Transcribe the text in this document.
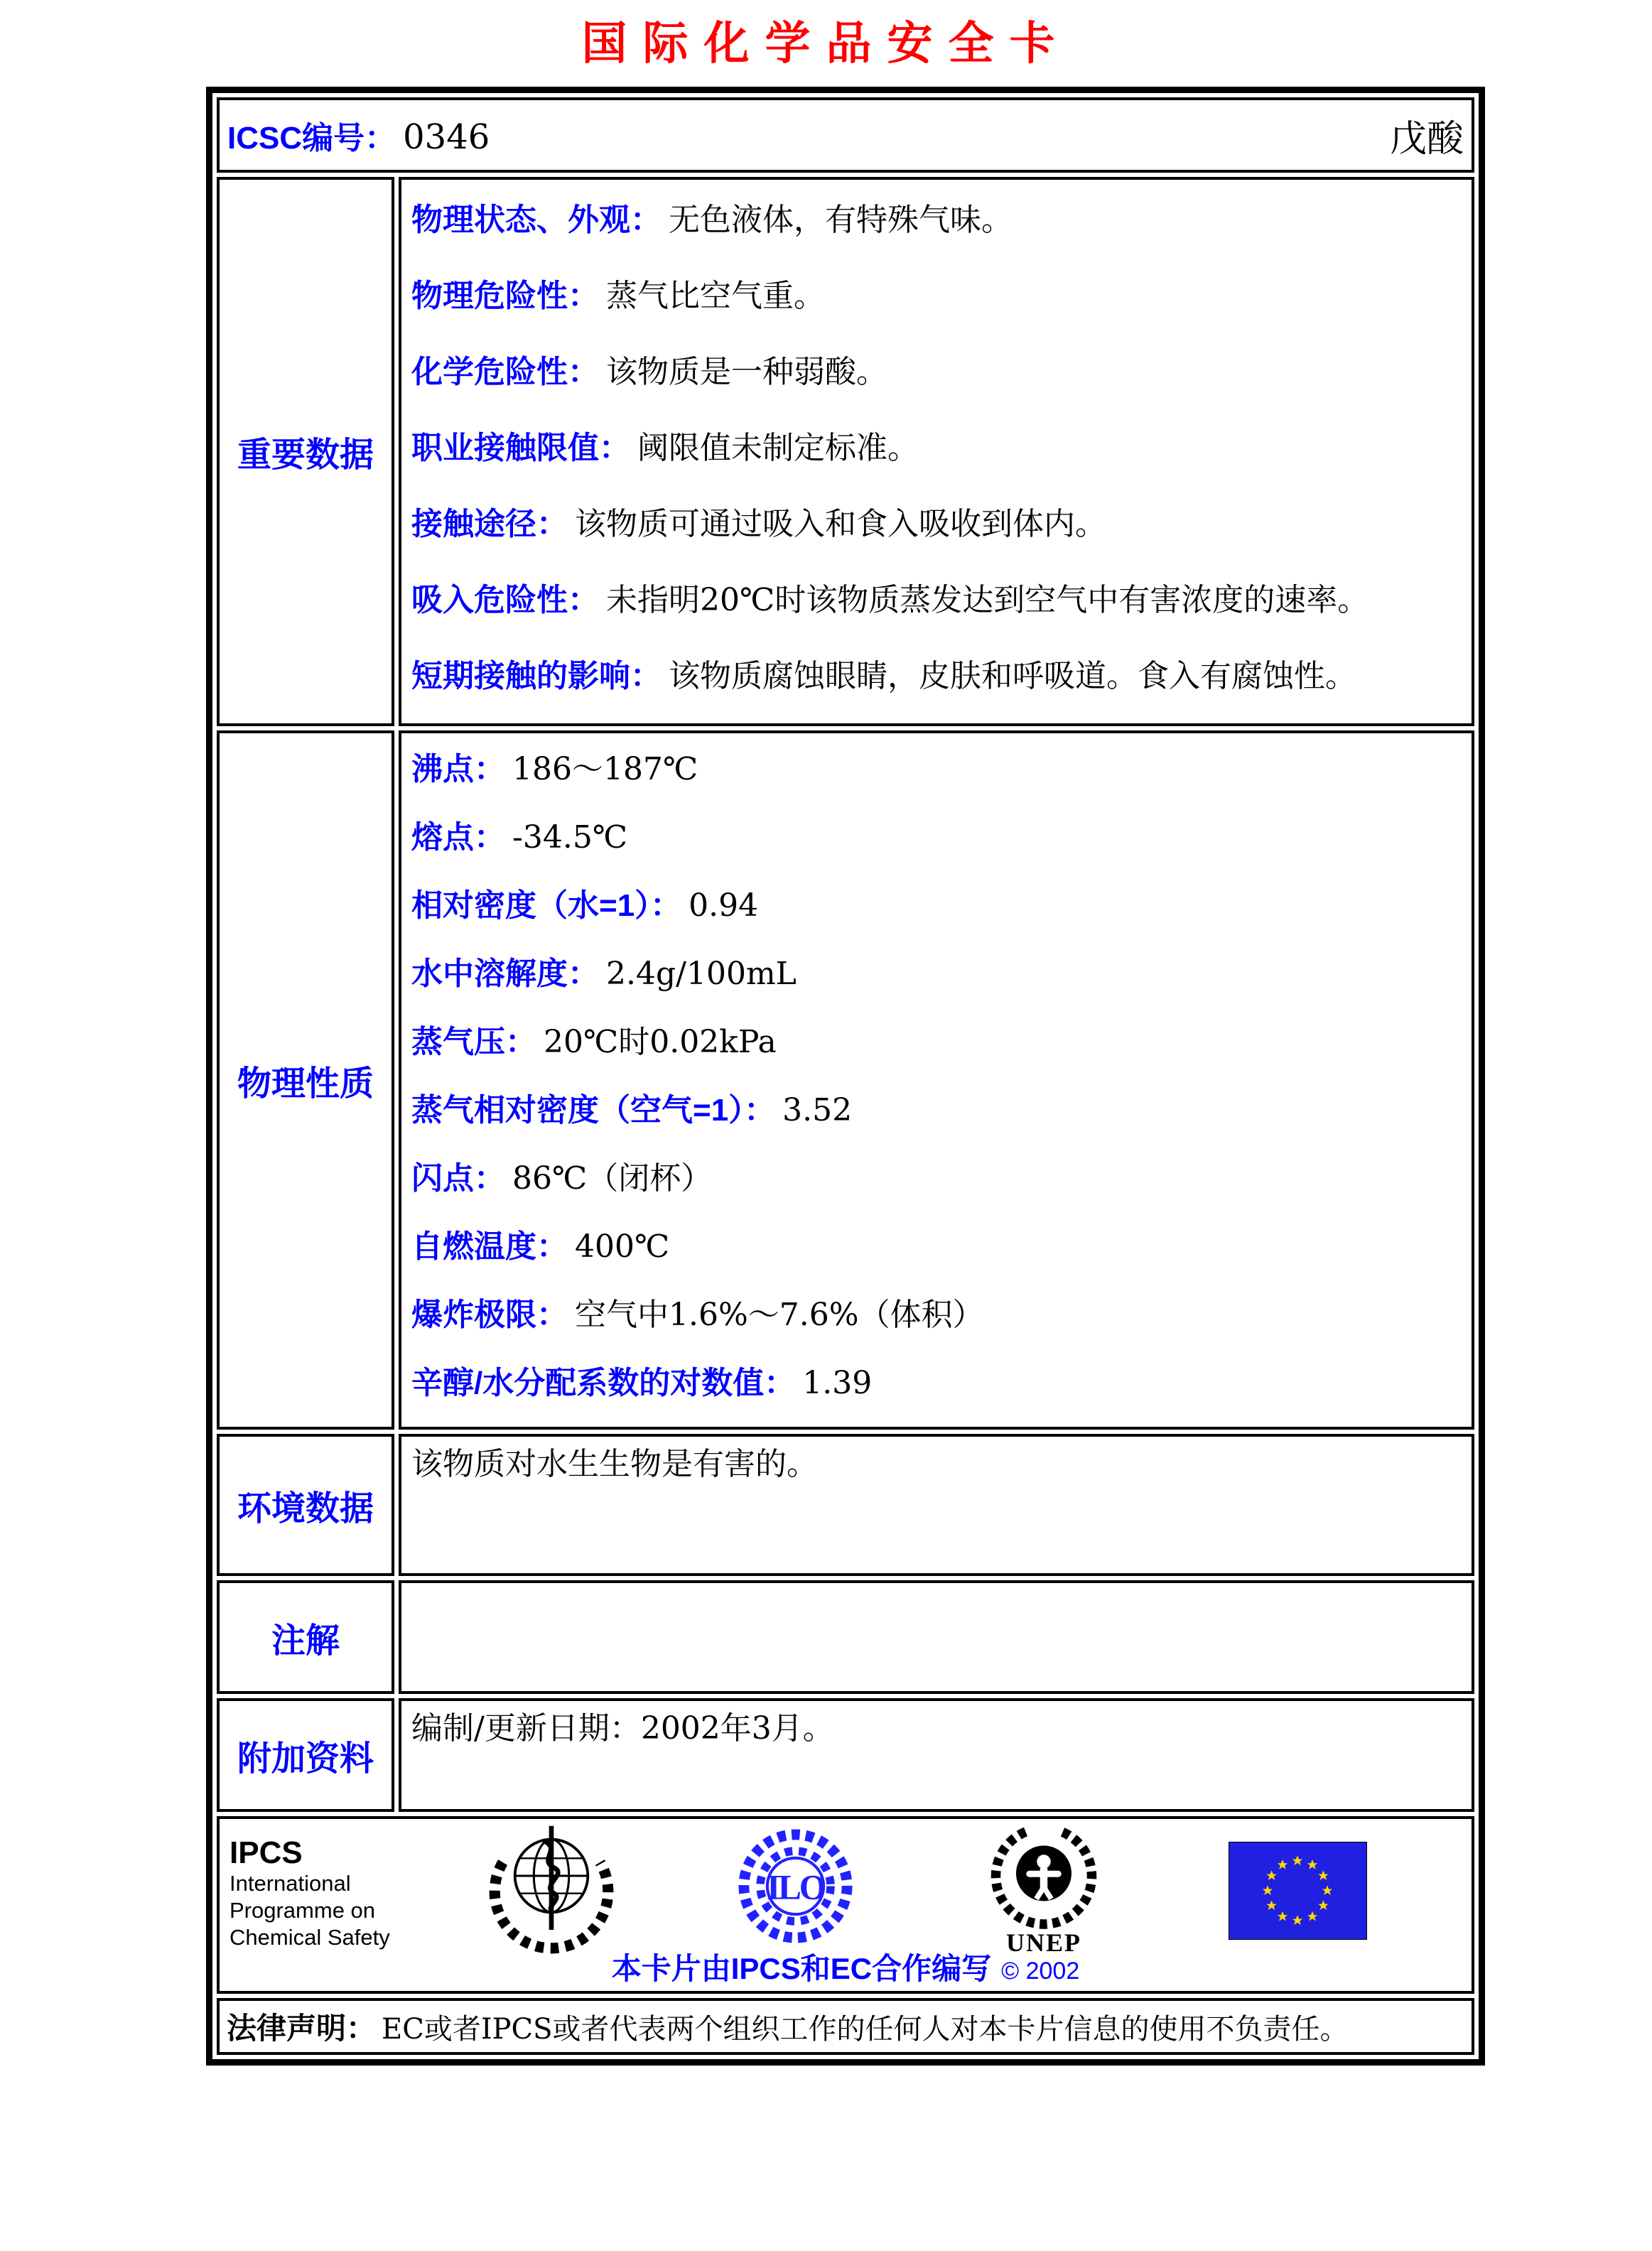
国际化学品安全卡
ICSC编号： 0346 戊酸	

重要数据	
物理状态、外观： 无色液体，有特殊气味。
物理危险性： 蒸气比空气重。
化学危险性： 该物质是一种弱酸。
职业接触限值： 阈限值未制定标准。
接触途径： 该物质可通过吸入和食入吸收到体内。
吸入危险性： 未指明20℃时该物质蒸发达到空气中有害浓度的速率。
短期接触的影响： 该物质腐蚀眼睛，皮肤和呼吸道。食入有腐蚀性。

物理性质	
沸点： 186～187℃
熔点： -34.5℃
相对密度（水=1）： 0.94
水中溶解度： 2.4g/100mL
蒸气压： 20℃时0.02kPa
蒸气相对密度（空气=1）： 3.52
闪点： 86℃（闭杯）
自燃温度： 400℃
爆炸极限： 空气中1.6%～7.6%（体积）
辛醇/水分配系数的对数值： 1.39

环境数据	该物质对水生生物是有害的。

注解	

附加资料	编制/更新日期：2002年3月。

IPCS
International
Programme on
Chemical Safety
ILO
UNEP
本卡片由IPCS和EC合作编写 © 2002

法律声明： EC或者IPCS或者代表两个组织工作的任何人对本卡片信息的使用不负责任。	
